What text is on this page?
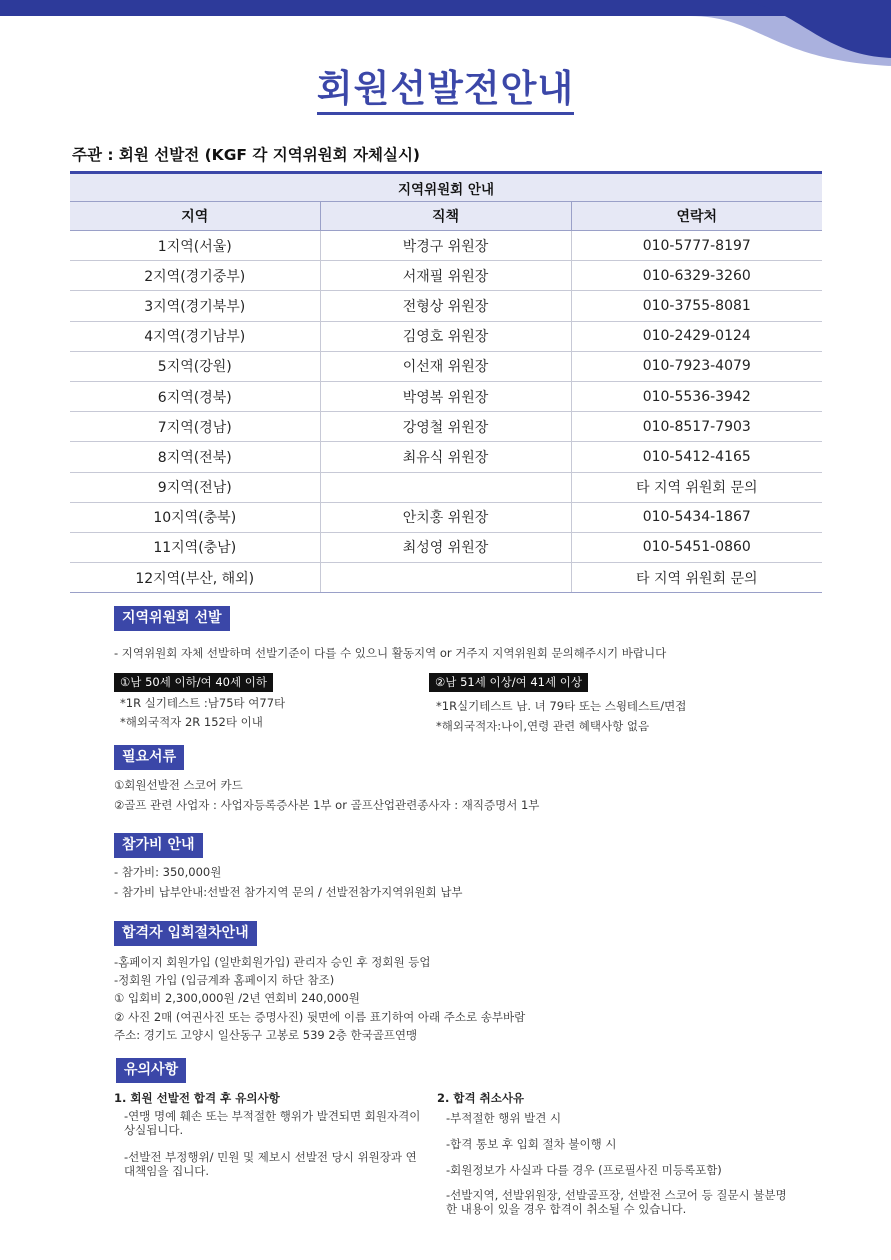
회원선발전안내
주관 : 회원 선발전 (KGF 각 지역위원회 자체실시)
지역위원회 안내		
지역	직책	연락처
1지역(서울)	박경구 위원장	010-5777-8197
2지역(경기중부)	서재필 위원장	010-6329-3260
3지역(경기북부)	전형상 위원장	010-3755-8081
4지역(경기남부)	김영호 위원장	010-2429-0124
5지역(강원)	이선재 위원장	010-7923-4079
6지역(경북)	박영복 위원장	010-5536-3942
7지역(경남)	강영철 위원장	010-8517-7903
8지역(전북)	최유식 위원장	010-5412-4165
9지역(전남)		타 지역 위원회 문의
10지역(충북)	안치홍 위원장	010-5434-1867
11지역(충남)	최성영 위원장	010-5451-0860
12지역(부산, 해외)		타 지역 위원회 문의
지역위원회 선발
- 지역위원회 자체 선발하며 선발기준이 다를 수 있으니 활동지역 or 거주지 지역위원회 문의해주시기 바랍니다
①남 50세 이하/여 40세 이하
*1R 실기테스트 :남75타 여77타
*해외국적자 2R 152타 이내
②남 51세 이상/여 41세 이상
*1R실기테스트 남. 녀 79타 또는 스윙테스트/면접
*해외국적자:나이,연령 관련 혜택사항 없음
필요서류
①회원선발전 스코어 카드
②골프 관련 사업자 : 사업자등록증사본 1부 or 골프산업관련종사자 : 재직증명서 1부
참가비 안내
- 참가비: 350,000원
- 참가비 납부안내:선발전 참가지역 문의 / 선발전참가지역위원회 납부
합격자 입회절차안내
-홈페이지 회원가입 (일반회원가입) 관리자 승인 후 정회원 등업
-정회원 가입 (입금계좌 홈페이지 하단 참조)
① 입회비 2,300,000원 /2년 연회비 240,000원
② 사진 2매 (여권사진 또는 증명사진) 뒷면에 이름 표기하여 아래 주소로 송부바람
주소: 경기도 고양시 일산동구 고봉로 539 2층 한국골프연맹
유의사항
1. 회원 선발전 합격 후 유의사항
-연맹 명예 훼손 또는 부적절한 행위가 발견되면 회원자격이 상실됩니다.
-선발전 부정행위/ 민원 및 제보시 선발전 당시 위원장과 연대책임을 집니다.
2. 합격 취소사유
-부적절한 행위 발견 시
-합격 통보 후 입회 절차 불이행 시
-회원정보가 사실과 다를 경우 (프로필사진 미등록포함)
-선발지역, 선발위원장, 선발골프장, 선발전 스코어 등 질문시 불분명한 내용이 있을 경우 합격이 취소될 수 있습니다.
